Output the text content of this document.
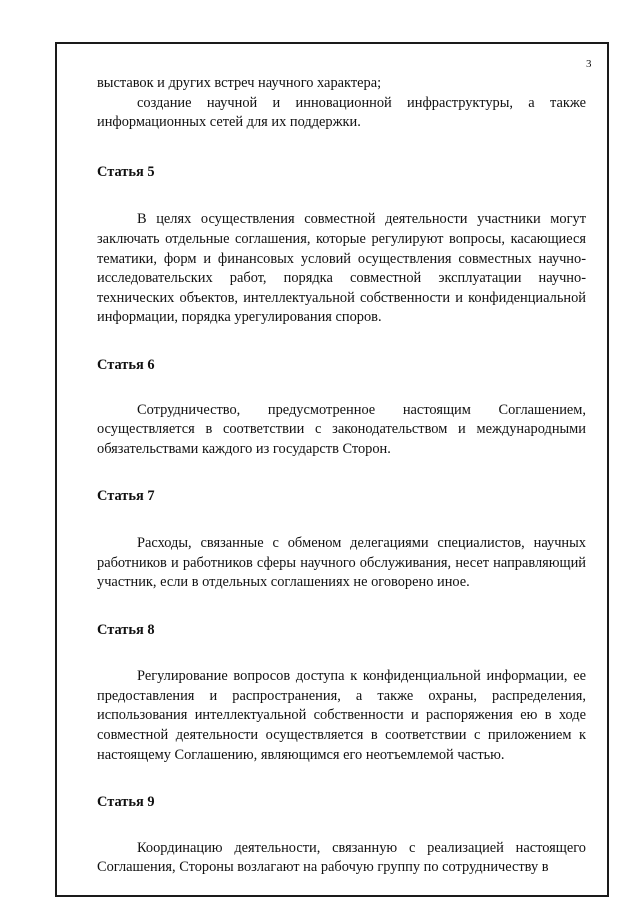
3

выставок и других встреч научного характера;

создание научной и инновационной инфраструктуры, а также информационных сетей для их поддержки.

Статья 5

В целях осуществления совместной деятельности участники могут заключать отдельные соглашения, которые регулируют вопросы, касающиеся тематики, форм и финансовых условий осуществления совместных научно-исследовательских работ, порядка совместной эксплуатации научно-технических объектов, интеллектуальной собственности и конфиденциальной информации, порядка урегулирования споров.

Статья 6

Сотрудничество, предусмотренное настоящим Соглашением, осуществляется в соответствии с законодательством и международными обязательствами каждого из государств Сторон.

Статья 7

Расходы, связанные с обменом делегациями специалистов, научных работников и работников сферы научного обслуживания, несет направляющий участник, если в отдельных соглашениях не оговорено иное.

Статья 8

Регулирование вопросов доступа к конфиденциальной информации, ее предоставления и распространения, а также охраны, распределения, использования интеллектуальной собственности и распоряжения ею в ходе совместной деятельности осуществляется в соответствии с приложением к настоящему Соглашению, являющимся его неотъемлемой частью.

Статья 9

Координацию деятельности, связанную с реализацией настоящего Соглашения, Стороны возлагают на рабочую группу по сотрудничеству в
